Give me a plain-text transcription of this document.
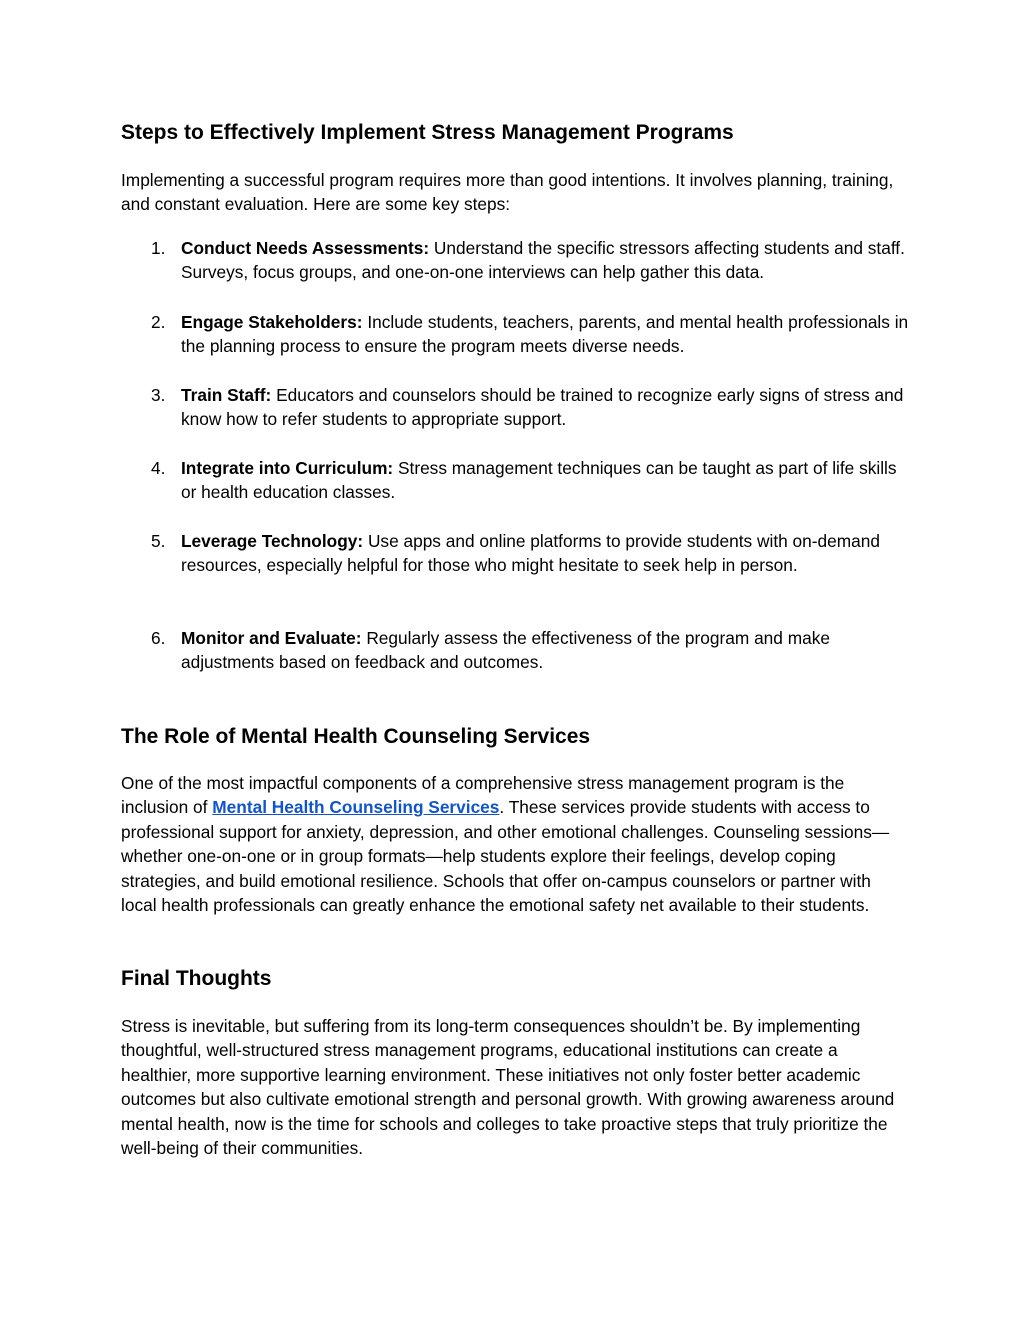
Steps to Effectively Implement Stress Management Programs

Implementing a successful program requires more than good intentions. It involves planning, training, and constant evaluation. Here are some key steps:

1. Conduct Needs Assessments: Understand the specific stressors affecting students and staff. Surveys, focus groups, and one-on-one interviews can help gather this data.
2. Engage Stakeholders: Include students, teachers, parents, and mental health professionals in the planning process to ensure the program meets diverse needs.
3. Train Staff: Educators and counselors should be trained to recognize early signs of stress and know how to refer students to appropriate support.
4. Integrate into Curriculum: Stress management techniques can be taught as part of life skills or health education classes.
5. Leverage Technology: Use apps and online platforms to provide students with on-demand resources, especially helpful for those who might hesitate to seek help in person.
6. Monitor and Evaluate: Regularly assess the effectiveness of the program and make adjustments based on feedback and outcomes.
The Role of Mental Health Counseling Services

One of the most impactful components of a comprehensive stress management program is the inclusion of Mental Health Counseling Services. These services provide students with access to professional support for anxiety, depression, and other emotional challenges. Counseling sessions—whether one-on-one or in group formats—help students explore their feelings, develop coping strategies, and build emotional resilience. Schools that offer on-campus counselors or partner with local health professionals can greatly enhance the emotional safety net available to their students.

Final Thoughts

Stress is inevitable, but suffering from its long-term consequences shouldn’t be. By implementing thoughtful, well-structured stress management programs, educational institutions can create a healthier, more supportive learning environment. These initiatives not only foster better academic outcomes but also cultivate emotional strength and personal growth. With growing awareness around mental health, now is the time for schools and colleges to take proactive steps that truly prioritize the well-being of their communities.
